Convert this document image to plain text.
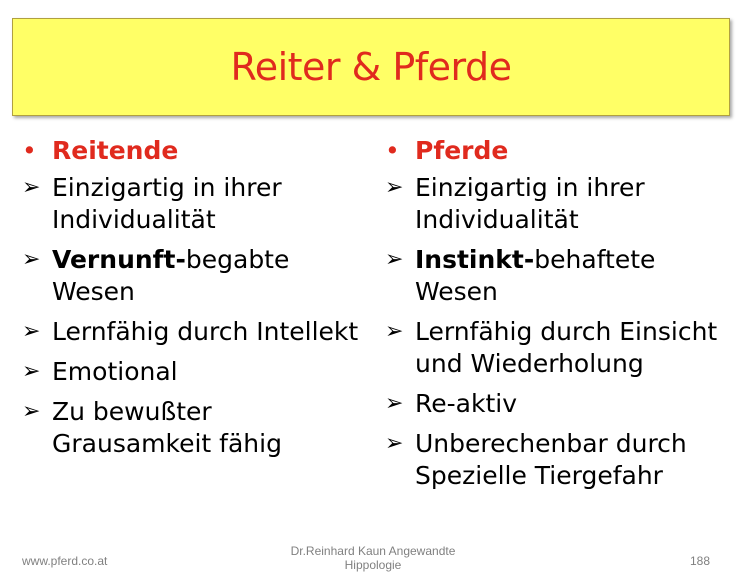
Reiter & Pferde
• Reitende
➢ Einzigartig in ihrer Individualität
➢ Vernunft-begabte Wesen
➢ Lernfähig durch Intellekt
➢ Emotional
➢ Zu bewußter Grausamkeit fähig
• Pferde
➢ Einzigartig in ihrer Individualität
➢ Instinkt-behaftete Wesen
➢ Lernfähig durch Einsicht und Wiederholung
➢ Re-aktiv
➢ Unberechenbar durch Spezielle Tiergefahr
www.pferd.co.at
Dr.Reinhard Kaun Angewandte Hippologie	188
